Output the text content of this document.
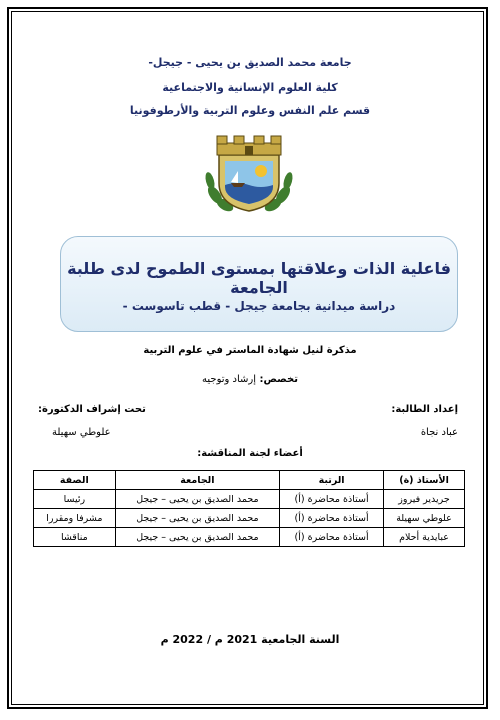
جامعة محمد الصديق بن يحيى - جيجل-
كلية العلوم الإنسانية والاجتماعية
قسم علم النفس وعلوم التربية والأرطوفونيا
فاعلية الذات وعلاقتها بمستوى الطموح لدى طلبة الجامعة
دراسة ميدانية بجامعة جيجل - قطب تاسوست -
مذكرة لنيل شهادة الماستر في علوم التربية
تخصص: إرشاد وتوجيه
إعداد الطالبة:
عباد نجاة
تحت إشراف الدكتورة:
علوطي سهيلة
أعضاء لجنة المناقشة:
الأستاذ (ة)	الرتبة	الجامعة	الصفة
جريدير فيروز	أستاذة محاضرة (أ)	محمد الصديق بن يحيى – جيجل	رئيسا
علوطي سهيلة	أستاذة محاضرة (أ)	محمد الصديق بن يحيى – جيجل	مشرفا ومقررا
عبايدية أحلام	أستاذة محاضرة (أ)	محمد الصديق بن يحيى – جيجل	مناقشا
السنة الجامعية 2021 م / 2022 م
